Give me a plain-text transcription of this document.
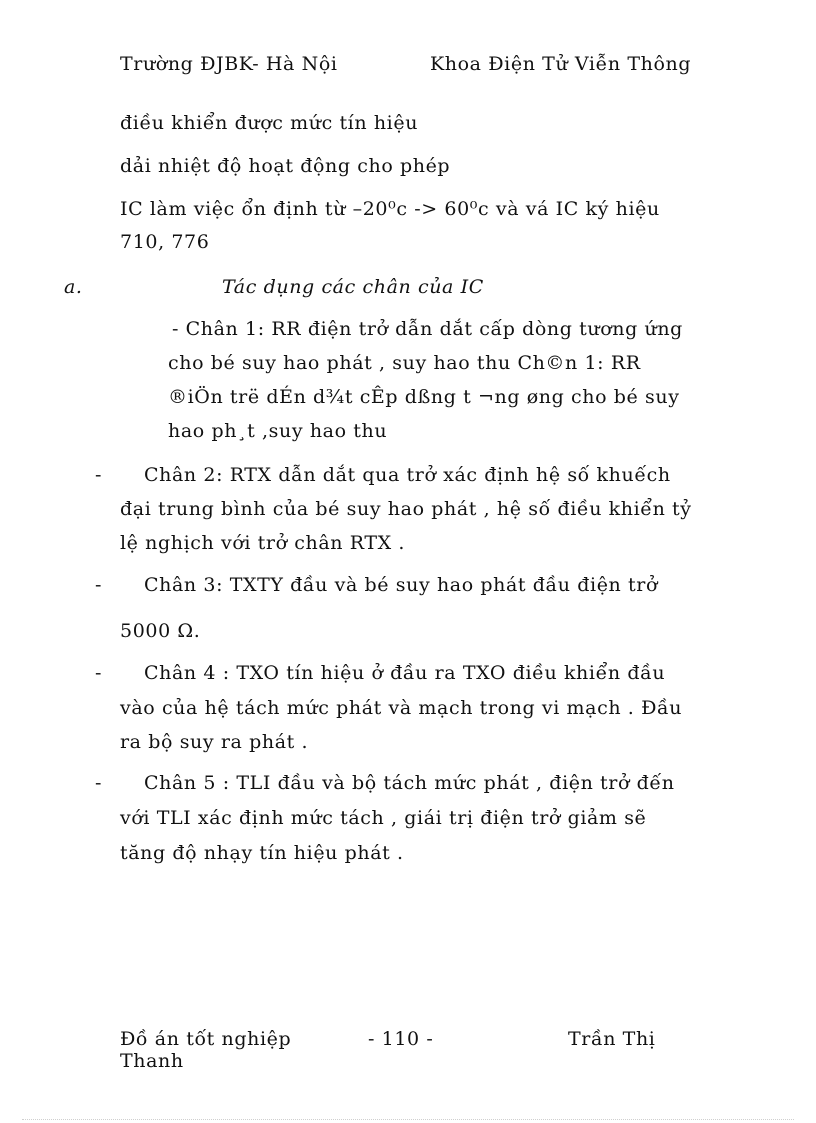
Trường ĐJBK- Hà Nội	Khoa Điện Tử Viễn Thông
điều khiển được mức tín hiệu
dải nhiệt độ hoạt động cho phép
IC làm việc ổn định từ –20⁰c -> 60⁰c và vá IC ký hiệu
710, 776
a.	Tác dụng các chân của IC
- Chân 1: RR điện trở dẫn dắt cấp dòng tương ứng
cho bé suy hao phát , suy hao thu Ch©n 1: RR
®iÖn trë dÉn d¾t cÊp dßng t ¬ng øng cho bé suy
hao ph¸t ,suy hao thu
- Chân 2: RTX dẫn dắt qua trở xác định hệ số khuếch
đại trung bình của bé suy hao phát , hệ số điều khiển tỷ
lệ nghịch với trở chân RTX .
- Chân 3: TXTY đầu và bé suy hao phát đầu điện trở
5000 Ω.
- Chân 4 : TXO tín hiệu ở đầu ra TXO điều khiển đầu
vào của hệ tách mức phát và mạch trong vi mạch . Đầu
ra bộ suy ra phát .
- Chân 5 : TLI đầu và bộ tách mức phát , điện trở đến
với TLI xác định mức tách , giái trị điện trở giảm sẽ
tăng độ nhạy tín hiệu phát .
Đồ án tốt nghiệp
Thanh
- 110 -	Trần Thị
